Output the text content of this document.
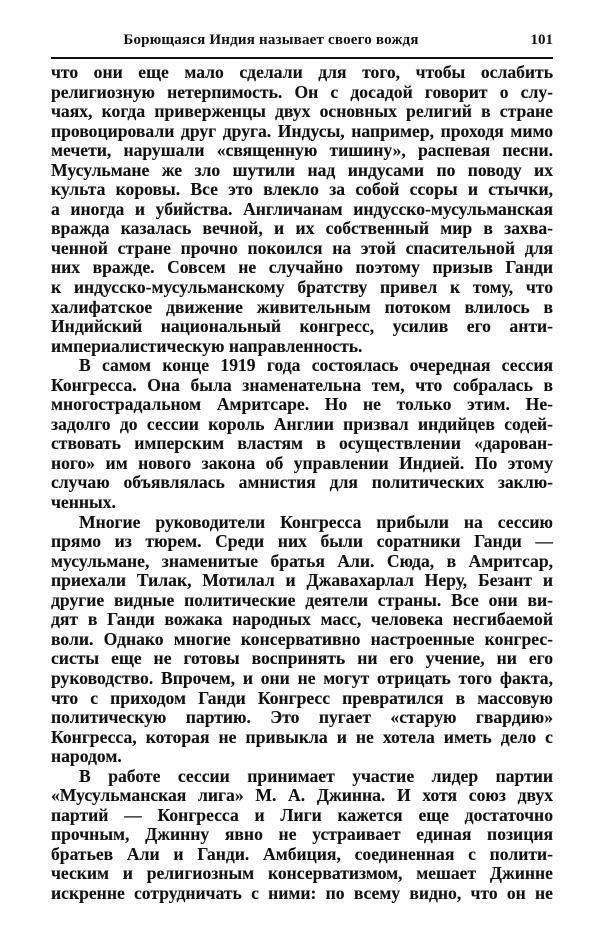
Борющаяся Индия называет своего вождя	101
что они еще мало сделали для того, чтобы ослабить
религиозную нетерпимость. Он с досадой говорит о слу-
чаях, когда приверженцы двух основных религий в стране
провоцировали друг друга. Индусы, например, проходя мимо
мечети, нарушали «священную тишину», распевая песни.
Мусульмане же зло шутили над индусами по поводу их
культа коровы. Все это влекло за собой ссоры и стычки,
а иногда и убийства. Англичанам индусско-мусульманская
вражда казалась вечной, и их собственный мир в захва-
ченной стране прочно покоился на этой спасительной для
них вражде. Совсем не случайно поэтому призыв Ганди
к индусско-мусульманскому братству привел к тому, что
халифатское движение живительным потоком влилось в
Индийский национальный конгресс, усилив его анти-
империалистическую направленность.
В самом конце 1919 года состоялась очередная сессия
Конгресса. Она была знаменательна тем, что собралась в
многострадальном Амритсаре. Но не только этим. Не-
задолго до сессии король Англии призвал индийцев содей-
ствовать имперским властям в осуществлении «дарован-
ного» им нового закона об управлении Индией. По этому
случаю объявлялась амнистия для политических заклю-
ченных.
Многие руководители Конгресса прибыли на сессию
прямо из тюрем. Среди них были соратники Ганди —
мусульмане, знаменитые братья Али. Сюда, в Амритсар,
приехали Тилак, Мотилал и Джавахарлал Неру, Безант и
другие видные политические деятели страны. Все они ви-
дят в Ганди вожака народных масс, человека несгибаемой
воли. Однако многие консервативно настроенные конгрес-
систы еще не готовы воспринять ни его учение, ни его
руководство. Впрочем, и они не могут отрицать того факта,
что с приходом Ганди Конгресс превратился в массовую
политическую партию. Это пугает «старую гвардию»
Конгресса, которая не привыкла и не хотела иметь дело с
народом.
В работе сессии принимает участие лидер партии
«Мусульманская лига» М. А. Джинна. И хотя союз двух
партий — Конгресса и Лиги кажется еще достаточно
прочным, Джинну явно не устраивает единая позиция
братьев Али и Ганди. Амбиция, соединенная с полити-
ческим и религиозным консерватизмом, мешает Джинне
искренне сотрудничать с ними: по всему видно, что он не
